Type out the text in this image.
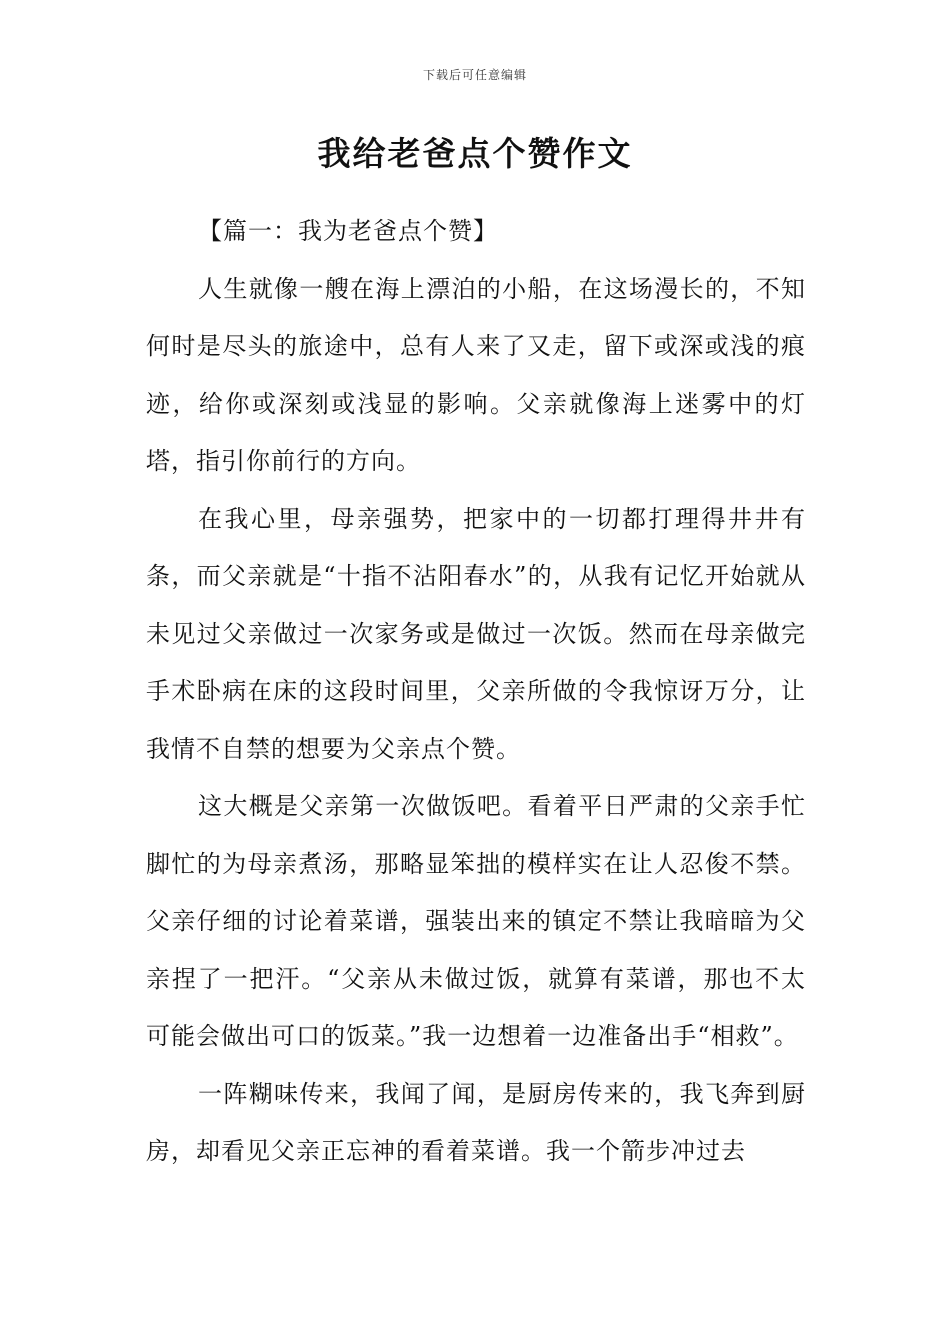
下载后可任意编辑
我给老爸点个赞作文

【篇一：我为老爸点个赞】

人生就像一艘在海上漂泊的小船，在这场漫长的，不知何时是尽头的旅途中，总有人来了又走，留下或深或浅的痕迹，给你或深刻或浅显的影响。父亲就像海上迷雾中的灯塔，指引你前行的方向。

在我心里，母亲强势，把家中的一切都打理得井井有条，而父亲就是“十指不沾阳春水”的，从我有记忆开始就从未见过父亲做过一次家务或是做过一次饭。然而在母亲做完手术卧病在床的这段时间里，父亲所做的令我惊讶万分，让我情不自禁的想要为父亲点个赞。

这大概是父亲第一次做饭吧。看着平日严肃的父亲手忙脚忙的为母亲煮汤，那略显笨拙的模样实在让人忍俊不禁。父亲仔细的讨论着菜谱，强装出来的镇定不禁让我暗暗为父亲捏了一把汗。“父亲从未做过饭，就算有菜谱，那也不太可能会做出可口的饭菜。”我一边想着一边准备出手“相救”。

一阵糊味传来，我闻了闻，是厨房传来的，我飞奔到厨房，却看见父亲正忘神的看着菜谱。我一个箭步冲过去
